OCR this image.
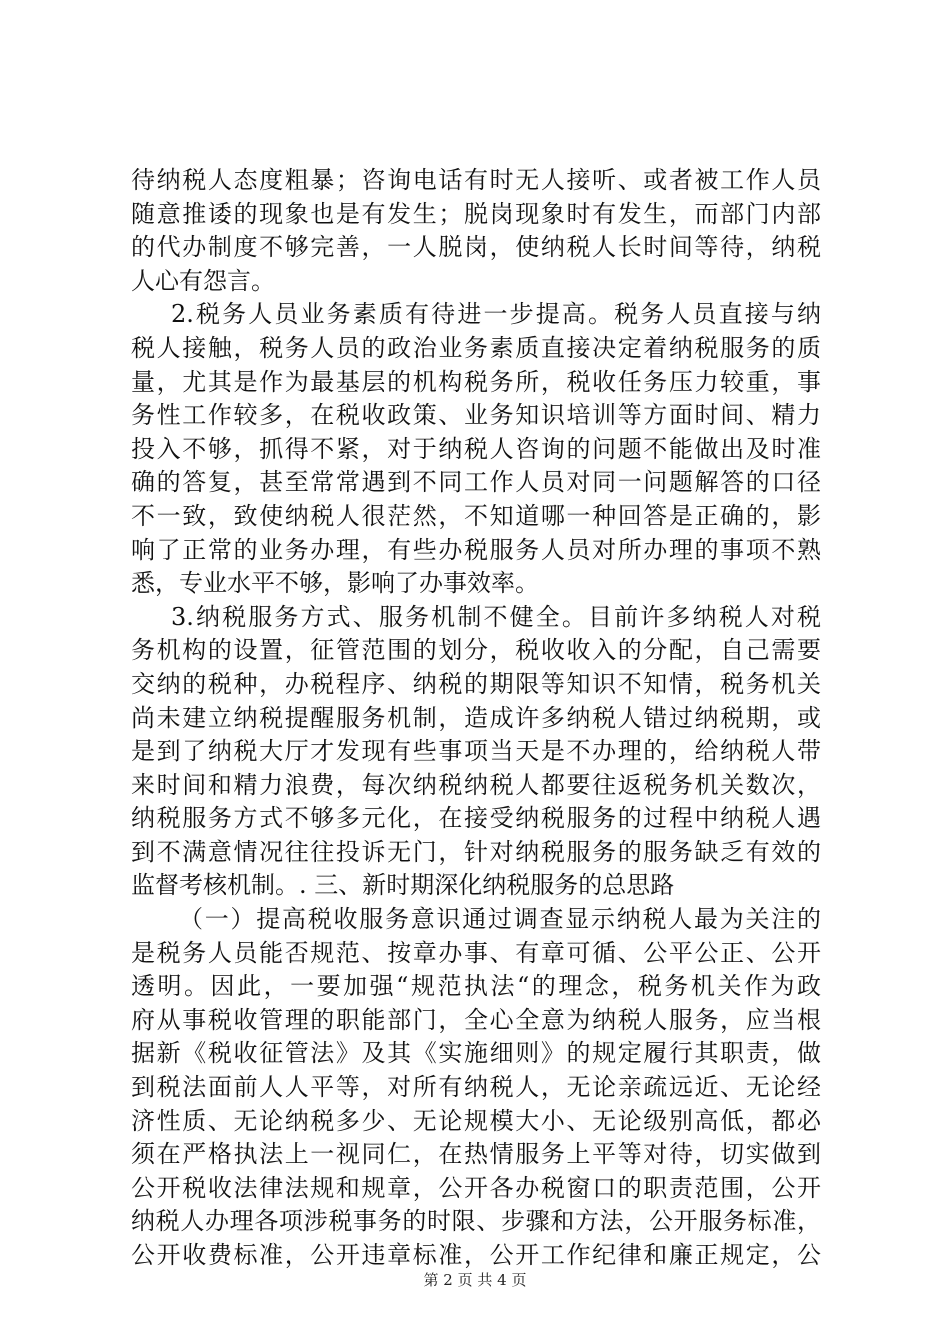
待纳税人态度粗暴；咨询电话有时无人接听、或者被工作人员
随意推诿的现象也是有发生；脱岗现象时有发生，而部门内部
的代办制度不够完善，一人脱岗，使纳税人长时间等待，纳税
人心有怨言。
2.税务人员业务素质有待进一步提高。税务人员直接与纳
税人接触，税务人员的政治业务素质直接决定着纳税服务的质
量，尤其是作为最基层的机构税务所，税收任务压力较重，事
务性工作较多，在税收政策、业务知识培训等方面时间、精力
投入不够，抓得不紧，对于纳税人咨询的问题不能做出及时准
确的答复，甚至常常遇到不同工作人员对同一问题解答的口径
不一致，致使纳税人很茫然，不知道哪一种回答是正确的，影
响了正常的业务办理，有些办税服务人员对所办理的事项不熟
悉，专业水平不够，影响了办事效率。
3.纳税服务方式、服务机制不健全。目前许多纳税人对税
务机构的设置，征管范围的划分，税收收入的分配，自己需要
交纳的税种，办税程序、纳税的期限等知识不知情，税务机关
尚未建立纳税提醒服务机制，造成许多纳税人错过纳税期，或
是到了纳税大厅才发现有些事项当天是不办理的，给纳税人带
来时间和精力浪费，每次纳税纳税人都要往返税务机关数次，
纳税服务方式不够多元化，在接受纳税服务的过程中纳税人遇
到不满意情况往往投诉无门，针对纳税服务的服务缺乏有效的
监督考核机制。. 三、新时期深化纳税服务的总思路
（一）提高税收服务意识通过调查显示纳税人最为关注的
是税务人员能否规范、按章办事、有章可循、公平公正、公开
透明。因此，一要加强“规范执法“的理念，税务机关作为政
府从事税收管理的职能部门，全心全意为纳税人服务，应当根
据新《税收征管法》及其《实施细则》的规定履行其职责，做
到税法面前人人平等，对所有纳税人，无论亲疏远近、无论经
济性质、无论纳税多少、无论规模大小、无论级别高低，都必
须在严格执法上一视同仁，在热情服务上平等对待，切实做到
公开税收法律法规和规章，公开各办税窗口的职责范围，公开
纳税人办理各项涉税事务的时限、步骤和方法，公开服务标准，
公开收费标准，公开违章标准，公开工作纪律和廉正规定，公
第 2 页 共 4 页
